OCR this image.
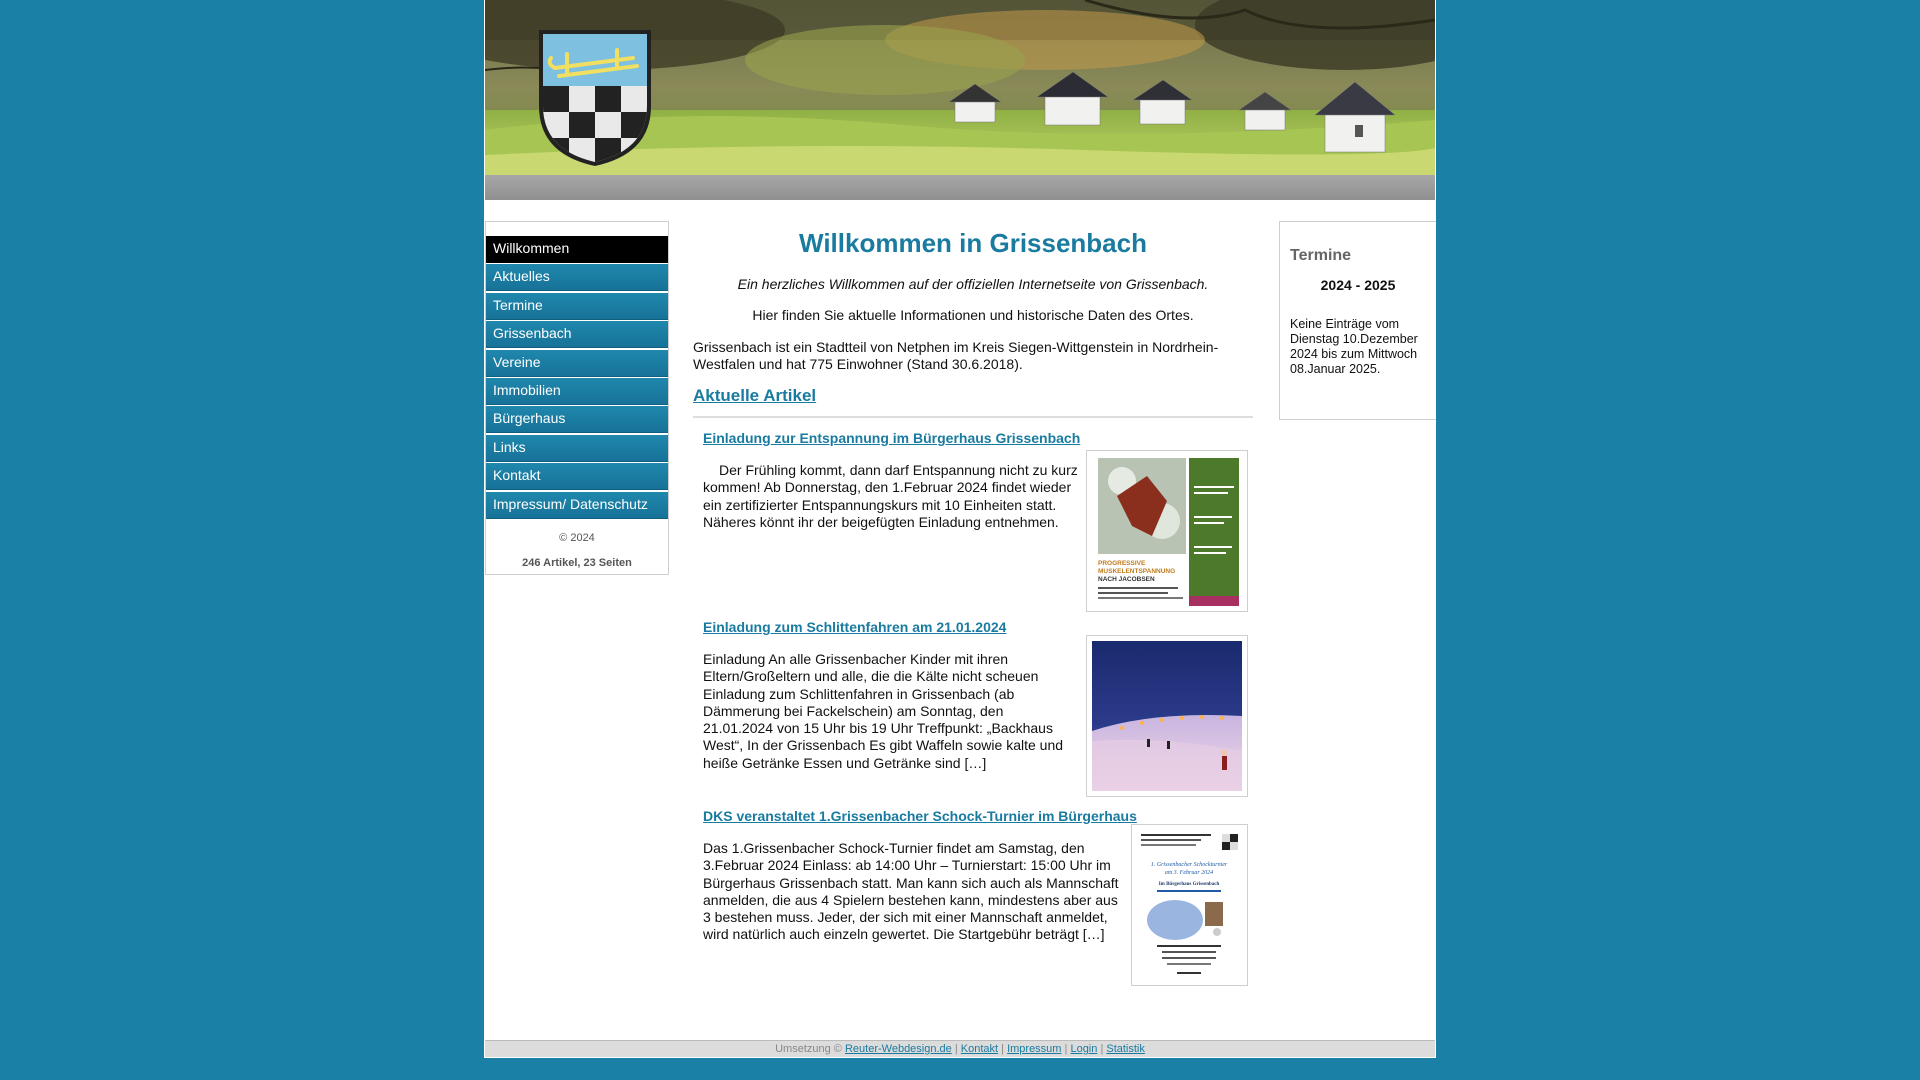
Willkommen
Aktuelles
Termine
Grissenbach
Vereine
Immobilien
Bürgerhaus
Links
Kontakt
Impressum/ Datenschutz
© 2024
246 Artikel, 23 Seiten
Willkommen in Grissenbach
Ein herzliches Willkommen auf der offiziellen Internetseite von Grissenbach.
Hier finden Sie aktuelle Informationen und historische Daten des Ortes.
Grissenbach ist ein Stadtteil von Netphen im Kreis Siegen-Wittgenstein in Nordrhein-Westfalen und hat 775 Einwohner (Stand 30.6.2018).
Aktuelle Artikel
Einladung zur Entspannung im Bürgerhaus Grissenbach
Der Frühling kommt, dann darf Entspannung nicht zu kurz kommen! Ab Donnerstag, den 1.Februar 2024 findet wieder ein zertifizierter Entspannungskurs mit 10 Einheiten statt. Näheres könnt ihr der beigefügten Einladung entnehmen.
PROGRESSIVE
MUSKELENTSPANNUNG
NACH JACOBSEN
Einladung zum Schlittenfahren am 21.01.2024
Einladung An alle Grissenbacher Kinder mit ihren Eltern/Großeltern und alle, die die Kälte nicht scheuen Einladung zum Schlittenfahren in Grissenbach (ab Dämmerung bei Fackelschein) am Sonntag, den 21.01.2024 von 15 Uhr bis 19 Uhr Treffpunkt: „Backhaus West“, In der Grissenbach Es gibt Waffeln sowie kalte und heiße Getränke Essen und Getränke sind […]
DKS veranstaltet 1.Grissenbacher Schock-Turnier im Bürgerhaus
Das 1.Grissenbacher Schock-Turnier findet am Samstag, den 3.Februar 2024 Einlass: ab 14:00 Uhr – Turnierstart: 15:00 Uhr im Bürgerhaus Grissenbach statt. Man kann sich auch als Mannschaft anmelden, die aus 4 Spielern bestehen kann, mindestens aber aus 3 bestehen muss. Jeder, der sich mit einer Mannschaft anmeldet, wird natürlich auch einzeln gewertet. Die Startgebühr beträgt […]
1. Grissenbacher Schockturnier
am 3. Februar 2024
Im Bürgerhaus Grissenbach
Termine
2024 - 2025
Keine Einträge vom Dienstag 10.Dezember 2024 bis zum Mittwoch 08.Januar 2025.
Umsetzung © Reuter-Webdesign.de | Kontakt | Impressum | Login | Statistik
